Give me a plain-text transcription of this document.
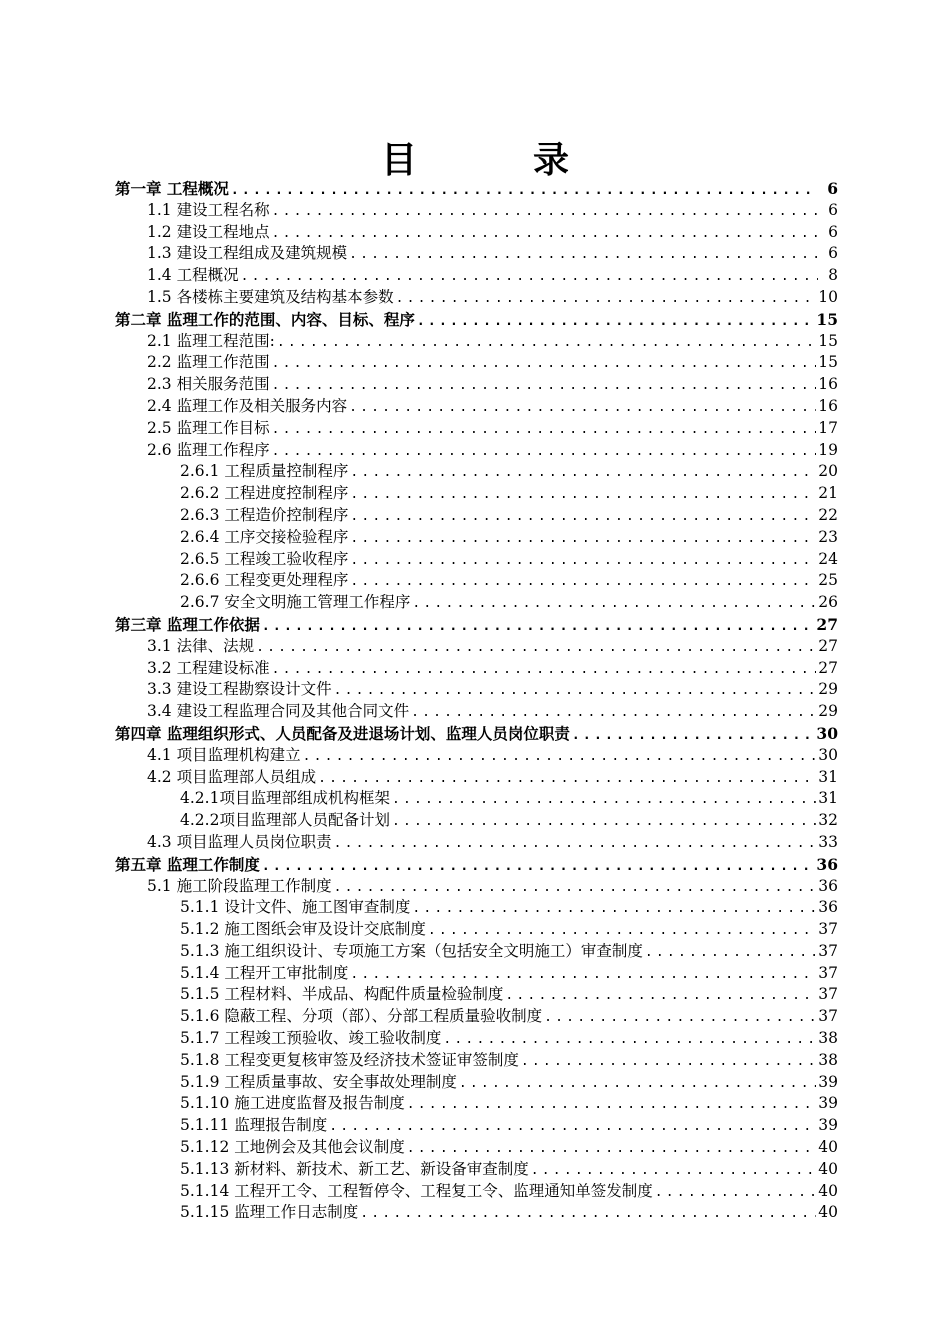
目　录
第一章 工程概况 .....	6
1.1 建设工程名称 .....	6
1.2 建设工程地点 .....	6
1.3 建设工程组成及建筑规模 .....	6
1.4 工程概况 .....	8
1.5 各楼栋主要建筑及结构基本参数 .....	10
第二章 监理工作的范围、内容、目标、程序 .....	15
2.1 监理工程范围: .....	15
2.2 监理工作范围 .....	15
2.3 相关服务范围 .....	16
2.4 监理工作及相关服务内容 .....	16
2.5 监理工作目标 .....	17
2.6 监理工作程序 .....	19
2.6.1 工程质量控制程序 .....	20
2.6.2 工程进度控制程序 .....	21
2.6.3 工程造价控制程序 .....	22
2.6.4 工序交接检验程序 .....	23
2.6.5 工程竣工验收程序 .....	24
2.6.6 工程变更处理程序 .....	25
2.6.7 安全文明施工管理工作程序 .....	26
第三章 监理工作依据 .....	27
3.1 法律、法规 .....	27
3.2 工程建设标准 .....	27
3.3 建设工程勘察设计文件 .....	29
3.4 建设工程监理合同及其他合同文件 .....	29
第四章 监理组织形式、人员配备及进退场计划、监理人员岗位职责 .....	30
4.1 项目监理机构建立 .....	30
4.2 项目监理部人员组成 .....	31
4.2.1项目监理部组成机构框架 .....	31
4.2.2项目监理部人员配备计划 .....	32
4.3 项目监理人员岗位职责 .....	33
第五章 监理工作制度 .....	36
5.1 施工阶段监理工作制度 .....	36
5.1.1 设计文件、施工图审查制度 .....	36
5.1.2 施工图纸会审及设计交底制度 .....	37
5.1.3 施工组织设计、专项施工方案（包括安全文明施工）审查制度 .....	37
5.1.4 工程开工审批制度 .....	37
5.1.5 工程材料、半成品、构配件质量检验制度 .....	37
5.1.6 隐蔽工程、分项（部）、分部工程质量验收制度 .....	37
5.1.7 工程竣工预验收、竣工验收制度 .....	38
5.1.8 工程变更复核审签及经济技术签证审签制度 .....	38
5.1.9 工程质量事故、安全事故处理制度 .....	39
5.1.10 施工进度监督及报告制度 .....	39
5.1.11 监理报告制度 .....	39
5.1.12 工地例会及其他会议制度 .....	40
5.1.13 新材料、新技术、新工艺、新设备审查制度 .....	40
5.1.14 工程开工令、工程暂停令、工程复工令、监理通知单签发制度 .....	40
5.1.15 监理工作日志制度 .....	40
